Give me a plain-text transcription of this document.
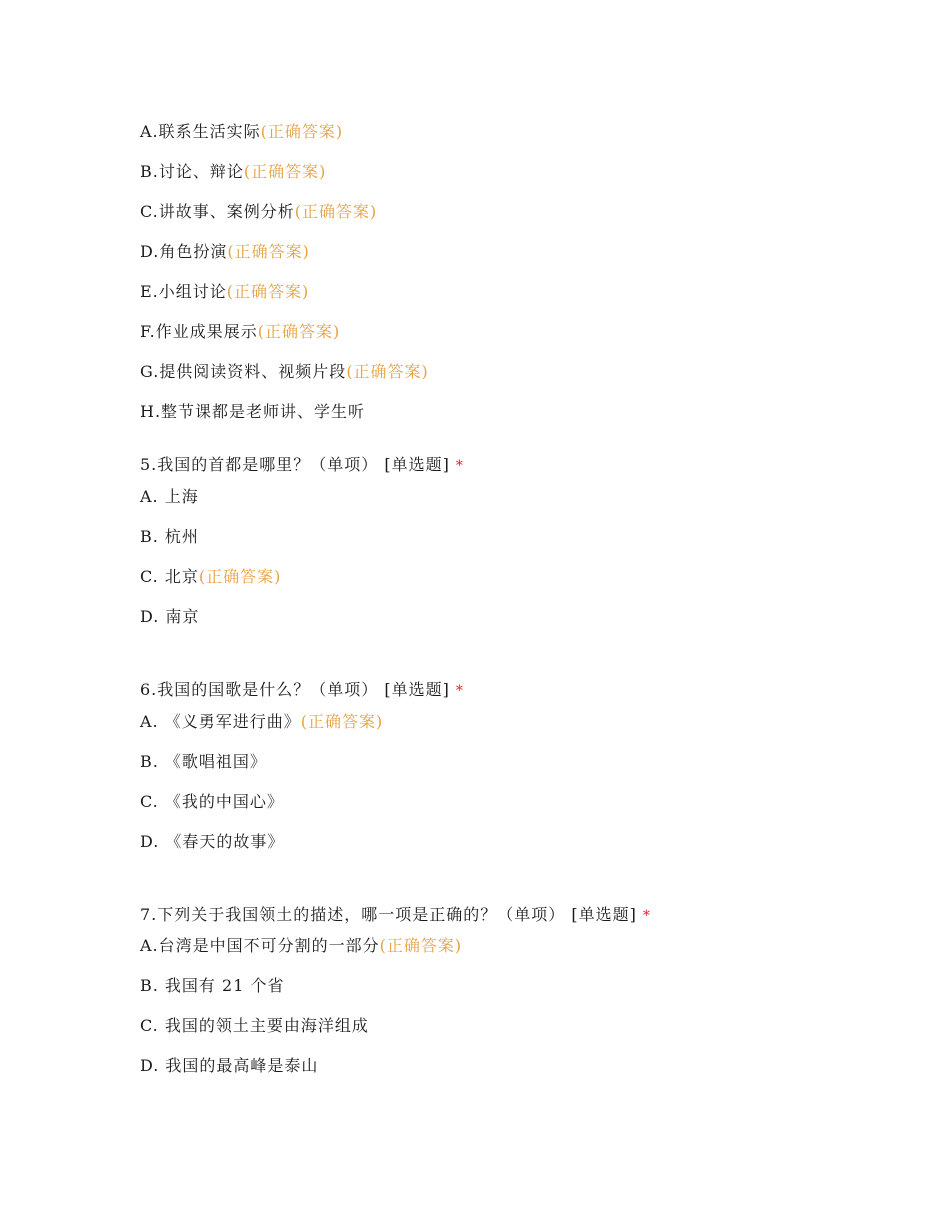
A.联系生活实际(正确答案)
B.讨论、辩论(正确答案)
C.讲故事、案例分析(正确答案)
D.角色扮演(正确答案)
E.小组讨论(正确答案)
F.作业成果展示(正确答案)
G.提供阅读资料、视频片段(正确答案)
H.整节课都是老师讲、学生听
5.我国的首都是哪里？（单项） [单选题] *
A. 上海
B. 杭州
C. 北京(正确答案)
D. 南京
6.我国的国歌是什么？（单项） [单选题] *
A. 《义勇军进行曲》(正确答案)
B. 《歌唱祖国》
C. 《我的中国心》
D. 《春天的故事》
7.下列关于我国领土的描述，哪一项是正确的？（单项） [单选题] *
A.台湾是中国不可分割的一部分(正确答案)
B. 我国有 21 个省
C. 我国的领土主要由海洋组成
D. 我国的最高峰是泰山
